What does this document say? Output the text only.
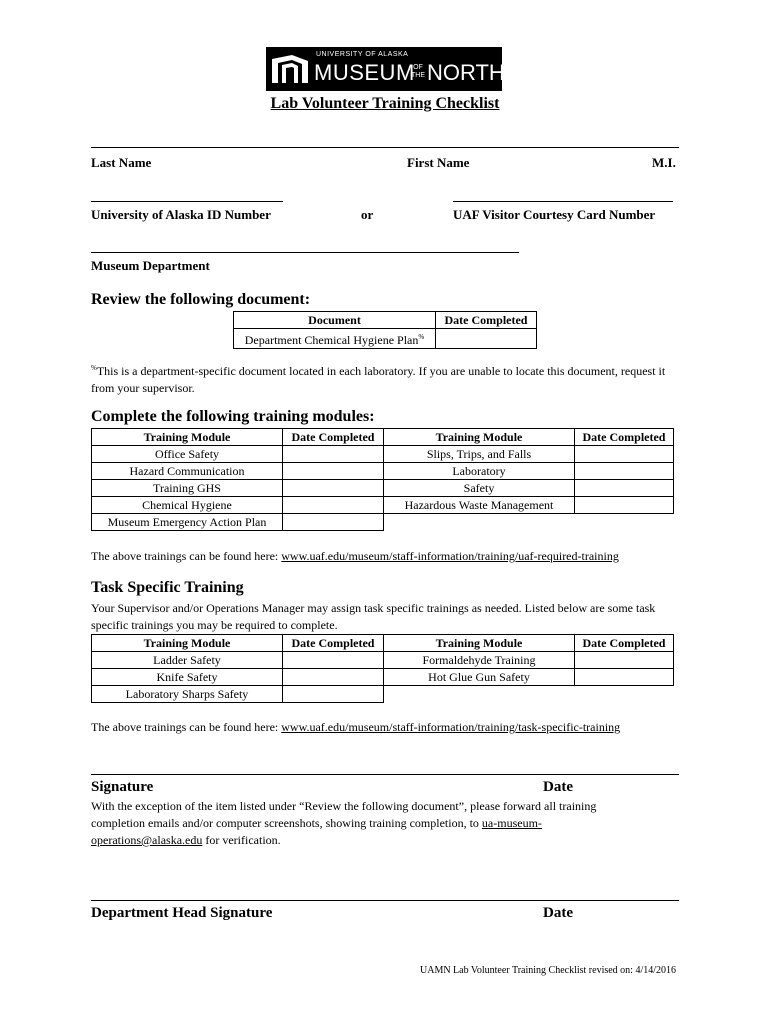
UNIVERSITY OF ALASKA
MUSEUM
OF
THE NORTH
Lab Volunteer Training Checklist
Last Name	First Name	M.I.
University of Alaska ID Number	or	UAF Visitor Courtesy Card Number
Museum Department
Review the following document:
Document	Date Completed
Department Chemical Hygiene Plan%	
%This is a department-specific document located in each laboratory. If you are unable to locate this document, request it from your supervisor.
Complete the following training modules:
Training Module	Date Completed	Training Module	Date Completed
Office Safety		Slips, Trips, and Falls	
Hazard Communication		Laboratory	
Training GHS		Safety	
Chemical Hygiene		Hazardous Waste Management	
Museum Emergency Action Plan			
The above trainings can be found here: www.uaf.edu/museum/staff-information/training/uaf-required-training
Task Specific Training
Your Supervisor and/or Operations Manager may assign task specific trainings as needed. Listed below are some task specific trainings you may be required to complete.
Training Module	Date Completed	Training Module	Date Completed
Ladder Safety		Formaldehyde Training	
Knife Safety		Hot Glue Gun Safety	
Laboratory Sharps Safety			
The above trainings can be found here: www.uaf.edu/museum/staff-information/training/task-specific-training
Signature	Date
With the exception of the item listed under “Review the following document”, please forward all training completion emails and/or computer screenshots, showing training completion, to ua-museum-operations@alaska.edu for verification.
Department Head Signature	Date
UAMN Lab Volunteer Training Checklist revised on: 4/14/2016
